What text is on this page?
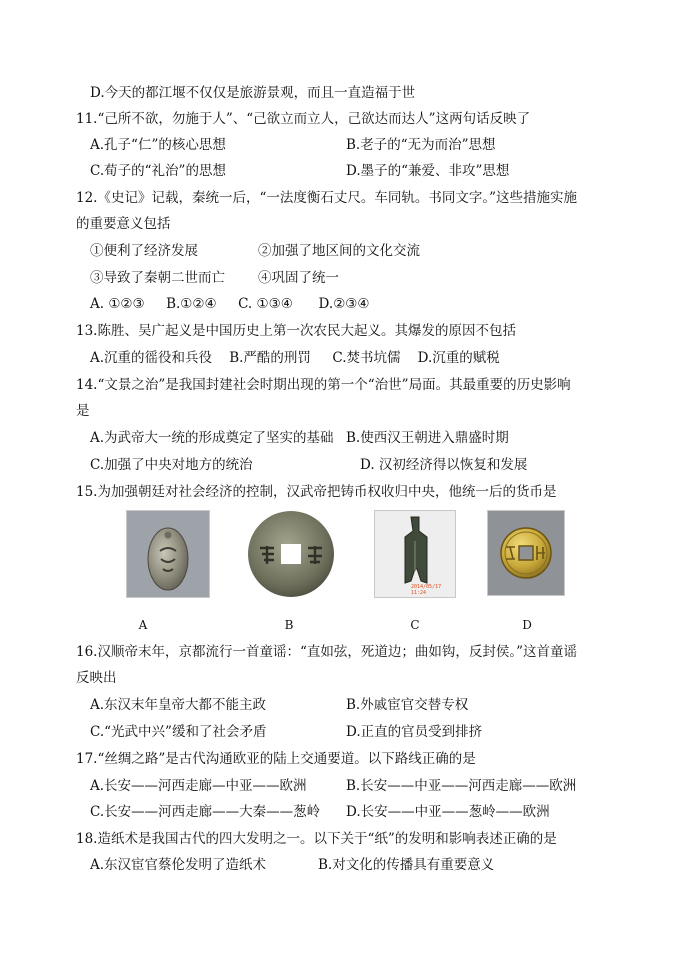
D.今天的都江堰不仅仅是旅游景观，而且一直造福于世
11.“己所不欲，勿施于人”、“己欲立而立人，己欲达而达人”这两句话反映了
A.孔子“仁”的核心思想	B.老子的“无为而治”思想
C.荀子的“礼治”的思想	D.墨子的“兼爱、非攻”思想
12.《史记》记载，秦统一后，“一法度衡石丈尺。车同轨。书同文字。”这些措施实施
的重要意义包括
①便利了经济发展	②加强了地区间的文化交流
③导致了秦朝二世而亡 ④巩固了统一
A. ①②③     B.①②④     C. ①③④      D.②③④
13.陈胜、吴广起义是中国历史上第一次农民大起义。其爆发的原因不包括
A.沉重的徭役和兵役    B.严酷的刑罚     C.焚书坑儒    D.沉重的赋税
14.“文景之治”是我国封建社会时期出现的第一个“治世”局面。其最重要的历史影响
是
A.为武帝大一统的形成奠定了坚实的基础 B.使西汉王朝进入鼎盛时期
C.加强了中央对地方的统治	D. 汉初经济得以恢复和发展
15.为加强朝廷对社会经济的控制，汉武帝把铸币权收归中央，他统一后的货币是
2014/05/17 11:24
A	B	C	D
16.汉顺帝末年，京都流行一首童谣：“直如弦，死道边；曲如钩，反封侯。”这首童谣
反映出
A.东汉末年皇帝大都不能主政	B.外戚宦官交替专权
C.“光武中兴”缓和了社会矛盾	D.正直的官员受到排挤
17.“丝绸之路”是古代沟通欧亚的陆上交通要道。以下路线正确的是
A.长安——河西走廊—中亚——欧洲	B.长安——中亚——河西走廊——欧洲
C.长安——河西走廊——大秦——葱岭 D.长安——中亚——葱岭——欧洲
18.造纸术是我国古代的四大发明之一。以下关于“纸”的发明和影响表述正确的是
A.东汉宦官蔡伦发明了造纸术	B.对文化的传播具有重要意义
